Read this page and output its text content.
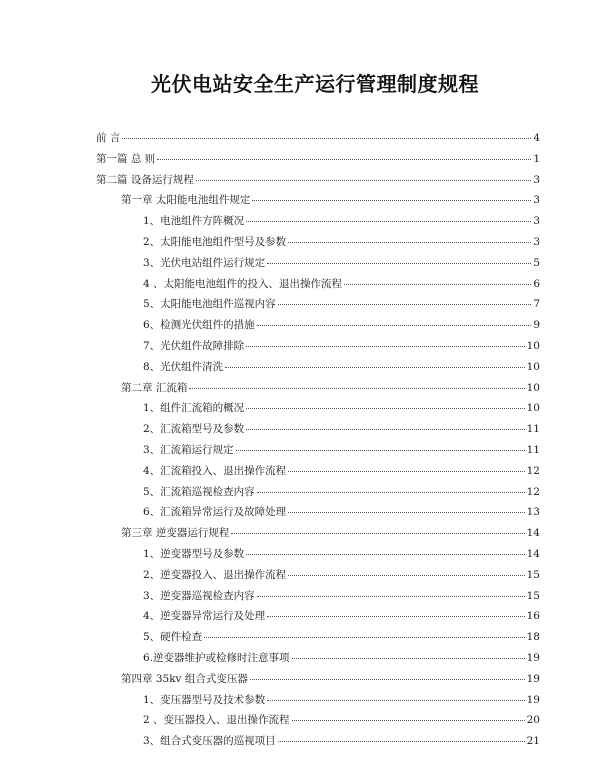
光伏电站安全生产运行管理制度规程
前 言	4
第一篇 总 则	1
第二篇 设备运行规程	3
第一章 太阳能电池组件规定	3
1、电池组件方阵概况	3
2、太阳能电池组件型号及参数	3
3、光伏电站组件运行规定	5
4 、太阳能电池组件的投入、退出操作流程	6
5、太阳能电池组件巡视内容	7
6、检测光伏组件的措施	9
7、光伏组件故障排除	10
8、光伏组件清洗	10
第二章 汇流箱	10
1、组件汇流箱的概况	10
2、汇流箱型号及参数	11
3、汇流箱运行规定	11
4、汇流箱投入、退出操作流程	12
5、汇流箱巡视检查内容	12
6、汇流箱异常运行及故障处理	13
第三章 逆变器运行规程	14
1、逆变器型号及参数	14
2、逆变器投入、退出操作流程	15
3、逆变器巡视检查内容	15
4、逆变器异常运行及处理	16
5、硬件检查	18
6.逆变器维护或检修时注意事项	19
第四章 35kv 组合式变压器	19
1、变压器型号及技术参数	19
2 、变压器投入、退出操作流程	20
3、组合式变压器的巡视项目	21
